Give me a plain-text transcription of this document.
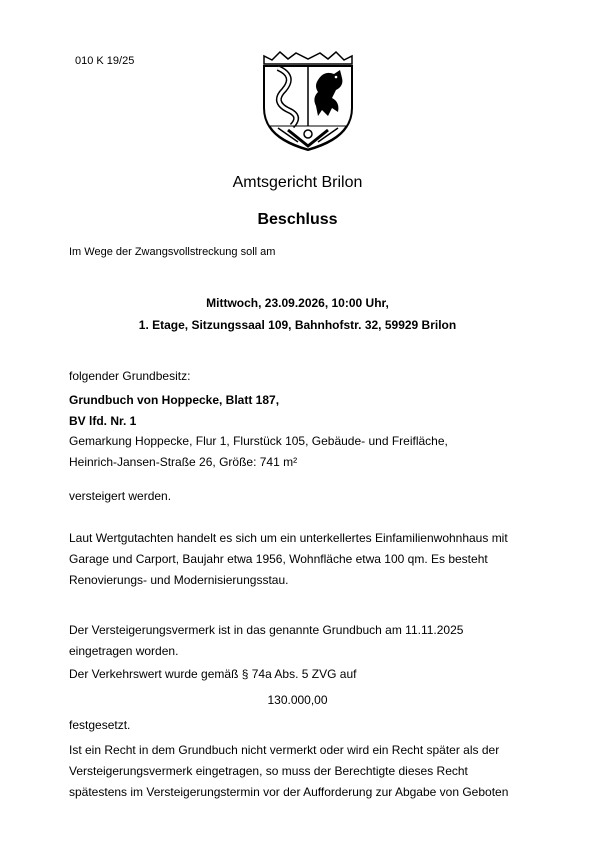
010 K 19/25
Amtsgericht Brilon
Beschluss
Im Wege der Zwangsvollstreckung soll am
Mittwoch, 23.09.2026, 10:00 Uhr,
1. Etage, Sitzungssaal 109, Bahnhofstr. 32, 59929 Brilon
folgender Grundbesitz:
Grundbuch von Hoppecke, Blatt 187,
BV lfd. Nr. 1
Gemarkung Hoppecke, Flur 1, Flurstück 105, Gebäude- und Freifläche,
Heinrich-Jansen-Straße 26, Größe: 741 m²
versteigert werden.
Laut Wertgutachten handelt es sich um ein unterkellertes Einfamilienwohnhaus mit
Garage und Carport, Baujahr etwa 1956, Wohnfläche etwa 100 qm. Es besteht
Renovierungs- und Modernisierungsstau.
Der Versteigerungsvermerk ist in das genannte Grundbuch am 11.11.2025
eingetragen worden.
Der Verkehrswert wurde gemäß § 74a Abs. 5 ZVG auf
130.000,00
festgesetzt.
Ist ein Recht in dem Grundbuch nicht vermerkt oder wird ein Recht später als der
Versteigerungsvermerk eingetragen, so muss der Berechtigte dieses Recht
spätestens im Versteigerungstermin vor der Aufforderung zur Abgabe von Geboten
